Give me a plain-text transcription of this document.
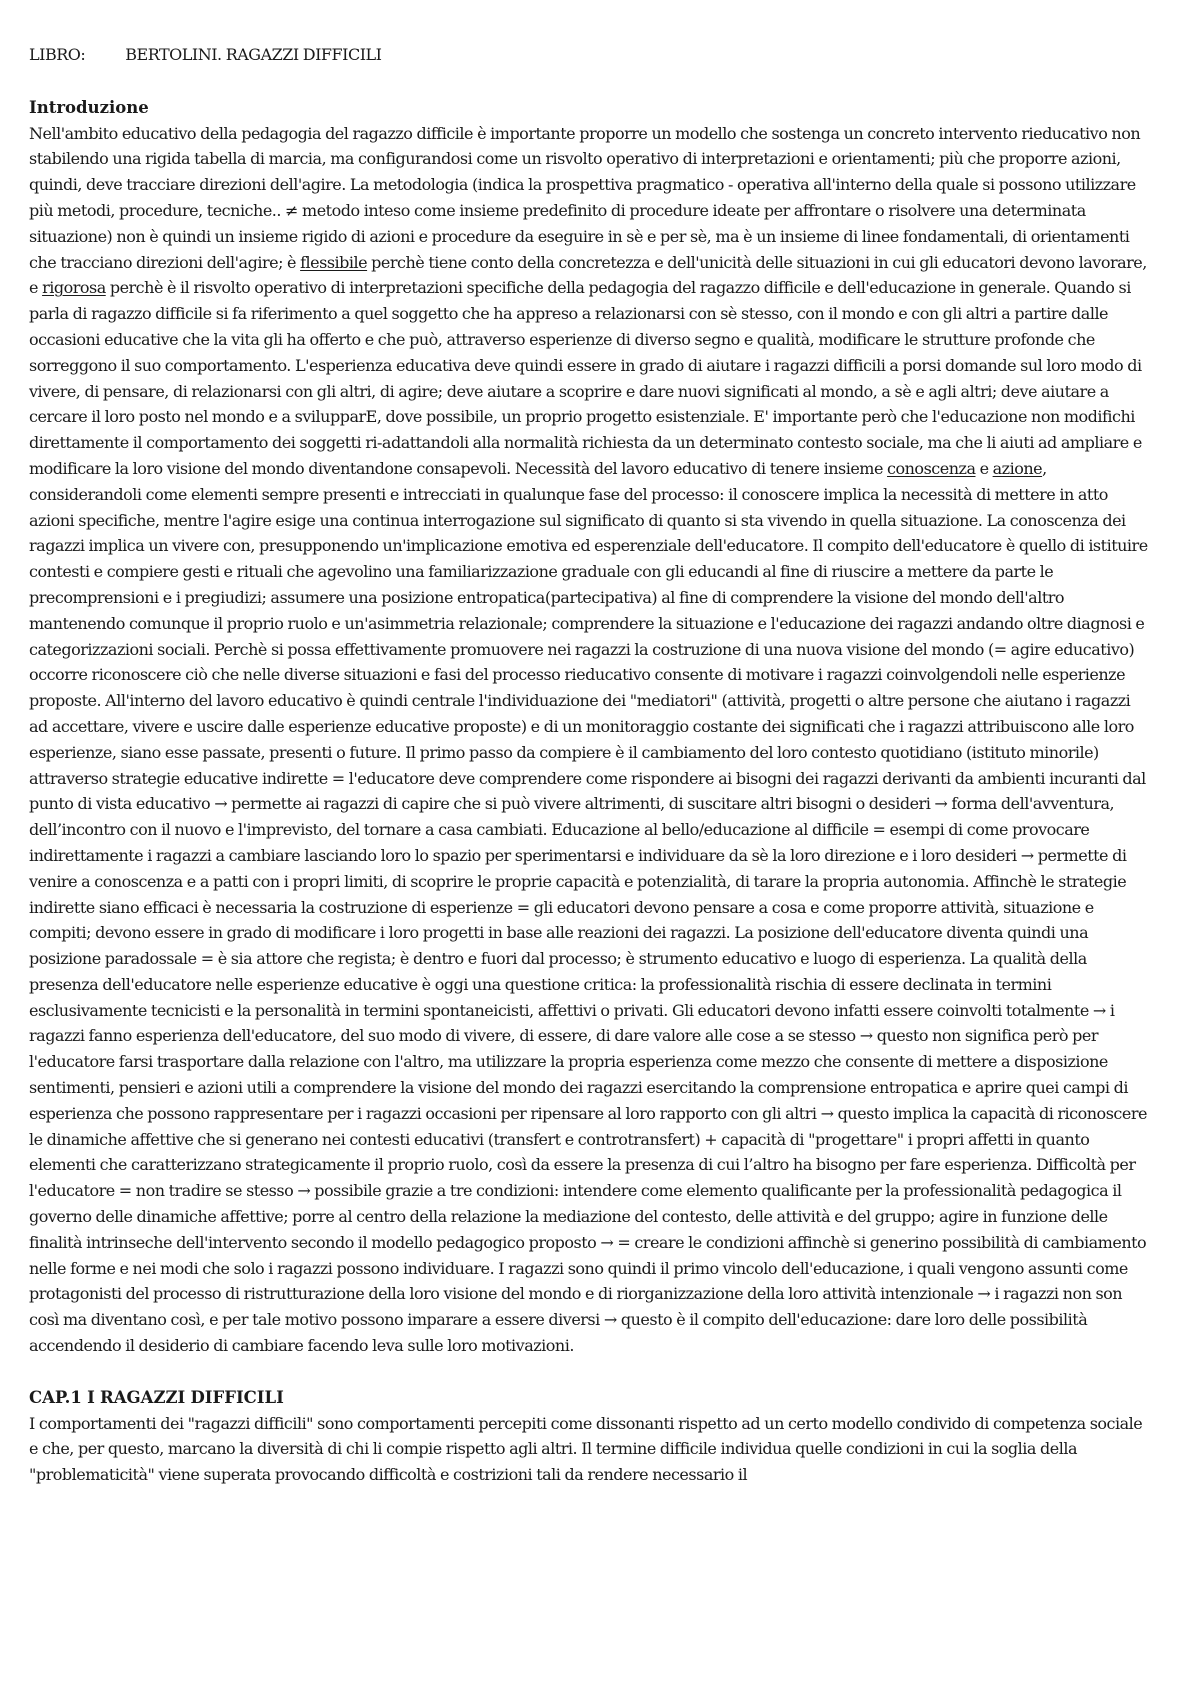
LIBRO:	BERTOLINI. RAGAZZI DIFFICILI
Introduzione

Nell'ambito educativo della pedagogia del ragazzo difficile è importante proporre un modello che sostenga un concreto intervento rieducativo non stabilendo una rigida tabella di marcia, ma configurandosi come un risvolto operativo di interpretazioni e orientamenti; più che proporre azioni, quindi, deve tracciare direzioni dell'agire. La metodologia (indica la prospettiva pragmatico - operativa all'interno della quale si possono utilizzare più metodi, procedure, tecniche.. ≠ metodo inteso come insieme predefinito di procedure ideate per affrontare o risolvere una determinata situazione) non è quindi un insieme rigido di azioni e procedure da eseguire in sè e per sè, ma è un insieme di linee fondamentali, di orientamenti che tracciano direzioni dell'agire; è flessibile perchè tiene conto della concretezza e dell'unicità delle situazioni in cui gli educatori devono lavorare, e rigorosa perchè è il risvolto operativo di interpretazioni specifiche della pedagogia del ragazzo difficile e dell'educazione in generale. Quando si parla di ragazzo difficile si fa riferimento a quel soggetto che ha appreso a relazionarsi con sè stesso, con il mondo e con gli altri a partire dalle occasioni educative che la vita gli ha offerto e che può, attraverso esperienze di diverso segno e qualità, modificare le strutture profonde che sorreggono il suo comportamento. L'esperienza educativa deve quindi essere in grado di aiutare i ragazzi difficili a porsi domande sul loro modo di vivere, di pensare, di relazionarsi con gli altri, di agire; deve aiutare a scoprire e dare nuovi significati al mondo, a sè e agli altri; deve aiutare a cercare il loro posto nel mondo e a svilupparE, dove possibile, un proprio progetto esistenziale. E' importante però che l'educazione non modifichi direttamente il comportamento dei soggetti ri-adattandoli alla normalità richiesta da un determinato contesto sociale, ma che li aiuti ad ampliare e modificare la loro visione del mondo diventandone consapevoli. Necessità del lavoro educativo di tenere insieme conoscenza e azione, considerandoli come elementi sempre presenti e intrecciati in qualunque fase del processo: il conoscere implica la necessità di mettere in atto azioni specifiche, mentre l'agire esige una continua interrogazione sul significato di quanto si sta vivendo in quella situazione. La conoscenza dei ragazzi implica un vivere con, presupponendo un'implicazione emotiva ed esperenziale dell'educatore. Il compito dell'educatore è quello di istituire contesti e compiere gesti e rituali che agevolino una familiarizzazione graduale con gli educandi al fine di riuscire a mettere da parte le precomprensioni e i pregiudizi; assumere una posizione entropatica(partecipativa) al fine di comprendere la visione del mondo dell'altro mantenendo comunque il proprio ruolo e un'asimmetria relazionale; comprendere la situazione e l'educazione dei ragazzi andando oltre diagnosi e categorizzazioni sociali. Perchè si possa effettivamente promuovere nei ragazzi la costruzione di una nuova visione del mondo (= agire educativo) occorre riconoscere ciò che nelle diverse situazioni e fasi del processo rieducativo consente di motivare i ragazzi coinvolgendoli nelle esperienze proposte. All'interno del lavoro educativo è quindi centrale l'individuazione dei "mediatori" (attività, progetti o altre persone che aiutano i ragazzi ad accettare, vivere e uscire dalle esperienze educative proposte) e di un monitoraggio costante dei significati che i ragazzi attribuiscono alle loro esperienze, siano esse passate, presenti o future. Il primo passo da compiere è il cambiamento del loro contesto quotidiano (istituto minorile) attraverso strategie educative indirette = l'educatore deve comprendere come rispondere ai bisogni dei ragazzi derivanti da ambienti incuranti dal punto di vista educativo → permette ai ragazzi di capire che si può vivere altrimenti, di suscitare altri bisogni o desideri → forma dell'avventura, dell’incontro con il nuovo e l'imprevisto, del tornare a casa cambiati. Educazione al bello/educazione al difficile = esempi di come provocare indirettamente i ragazzi a cambiare lasciando loro lo spazio per sperimentarsi e individuare da sè la loro direzione e i loro desideri → permette di venire a conoscenza e a patti con i propri limiti, di scoprire le proprie capacità e potenzialità, di tarare la propria autonomia. Affinchè le strategie indirette siano efficaci è necessaria la costruzione di esperienze = gli educatori devono pensare a cosa e come proporre attività, situazione e compiti; devono essere in grado di modificare i loro progetti in base alle reazioni dei ragazzi. La posizione dell'educatore diventa quindi una posizione paradossale = è sia attore che regista; è dentro e fuori dal processo; è strumento educativo e luogo di esperienza. La qualità della presenza dell'educatore nelle esperienze educative è oggi una questione critica: la professionalità rischia di essere declinata in termini esclusivamente tecnicisti e la personalità in termini spontaneicisti, affettivi o privati. Gli educatori devono infatti essere coinvolti totalmente → i ragazzi fanno esperienza dell'educatore, del suo modo di vivere, di essere, di dare valore alle cose a se stesso → questo non significa però per l'educatore farsi trasportare dalla relazione con l'altro, ma utilizzare la propria esperienza come mezzo che consente di mettere a disposizione sentimenti, pensieri e azioni utili a comprendere la visione del mondo dei ragazzi esercitando la comprensione entropatica e aprire quei campi di esperienza che possono rappresentare per i ragazzi occasioni per ripensare al loro rapporto con gli altri → questo implica la capacità di riconoscere le dinamiche affettive che si generano nei contesti educativi (transfert e controtransfert) + capacità di "progettare" i propri affetti in quanto elementi che caratterizzano strategicamente il proprio ruolo, così da essere la presenza di cui l’altro ha bisogno per fare esperienza. Difficoltà per l'educatore = non tradire se stesso → possibile grazie a tre condizioni: intendere come elemento qualificante per la professionalità pedagogica il governo delle dinamiche affettive; porre al centro della relazione la mediazione del contesto, delle attività e del gruppo; agire in funzione delle finalità intrinseche dell'intervento secondo il modello pedagogico proposto → = creare le condizioni affinchè si generino possibilità di cambiamento nelle forme e nei modi che solo i ragazzi possono individuare. I ragazzi sono quindi il primo vincolo dell'educazione, i quali vengono assunti come protagonisti del processo di ristrutturazione della loro visione del mondo e di riorganizzazione della loro attività intenzionale → i ragazzi non son così ma diventano così, e per tale motivo possono imparare a essere diversi → questo è il compito dell'educazione: dare loro delle possibilità accendendo il desiderio di cambiare facendo leva sulle loro motivazioni.

CAP.1 I RAGAZZI DIFFICILI

I comportamenti dei "ragazzi difficili" sono comportamenti percepiti come dissonanti rispetto ad un certo modello condivido di competenza sociale e che, per questo, marcano la diversità di chi li compie rispetto agli altri. Il termine difficile individua quelle condizioni in cui la soglia della "problematicità" viene superata provocando difficoltà e costrizioni tali da rendere necessario il
